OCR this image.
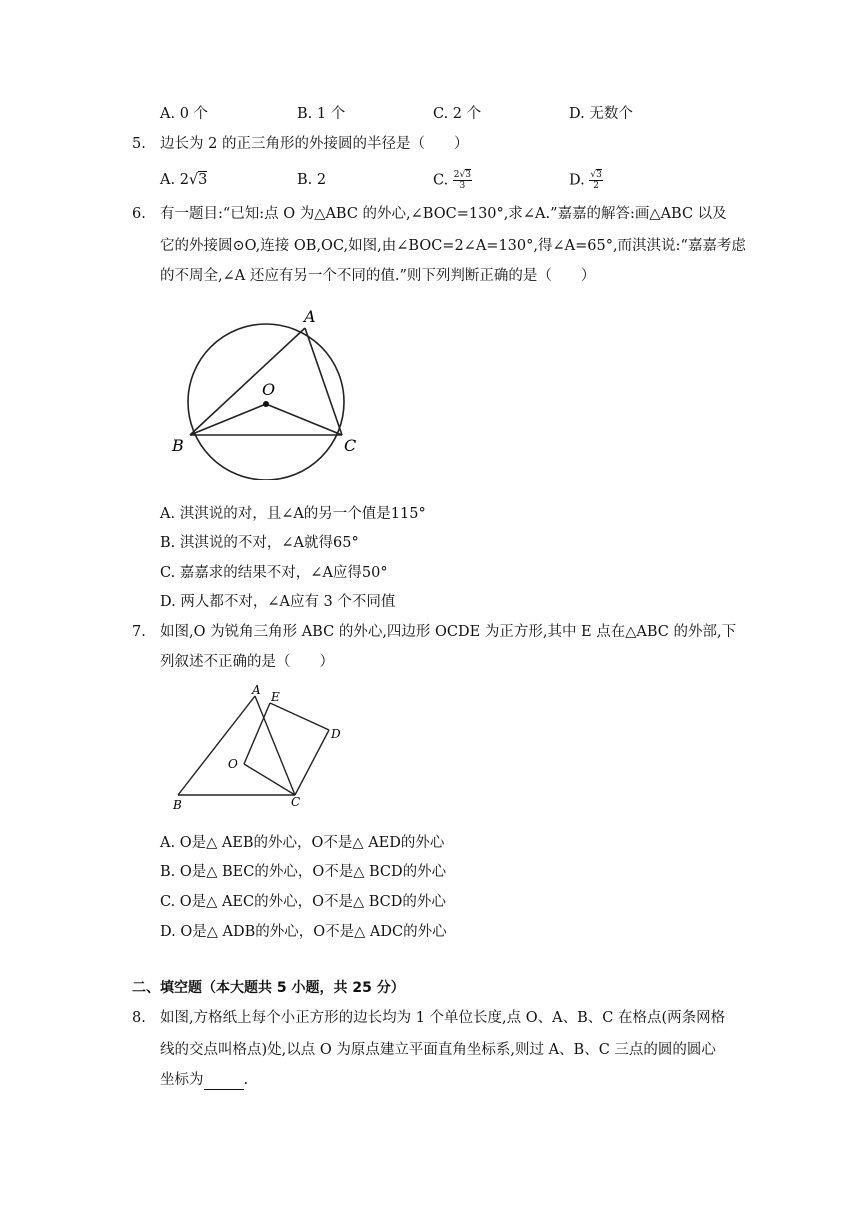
A. 0 个	B. 1 个	C. 2 个	D. 无数个
5. 边长为 2 的正三角形的外接圆的半径是（　　）
A. 2√3	B. 2	C. $\frac{2√3}{3}$	D. $\frac{√3}{2}$
6. 有一题目:“已知:点 O 为△ABC 的外心,∠BOC=130°,求∠A.”嘉嘉的解答:画△ABC 以及
它的外接圆⊙O,连接 OB,OC,如图,由∠BOC=2∠A=130°,得∠A=65°,而淇淇说:“嘉嘉考虑
的不周全,∠A 还应有另一个不同的值.”则下列判断正确的是（　　）
A
O
B	C
A. 淇淇说的对，且∠A的另一个值是115°
B. 淇淇说的不对，∠A就得65°
C. 嘉嘉求的结果不对，∠A应得50°
D. 两人都不对，∠A应有 3 个不同值
7. 如图,O 为锐角三角形 ABC 的外心,四边形 OCDE 为正方形,其中 E 点在△ABC 的外部,下
列叙述不正确的是（　　）
A E
D
O
B	C
A. O是△ AEB的外心，O不是△ AED的外心
B. O是△ BEC的外心，O不是△ BCD的外心
C. O是△ AEC的外心，O不是△ BCD的外心
D. O是△ ADB的外心，O不是△ ADC的外心
二、填空题（本大题共 5 小题，共 25 分）
8. 如图,方格纸上每个小正方形的边长均为 1 个单位长度,点 O、A、B、C 在格点(两条网格
线的交点叫格点)处,以点 O 为原点建立平面直角坐标系,则过 A、B、C 三点的圆的圆心
坐标为	.
